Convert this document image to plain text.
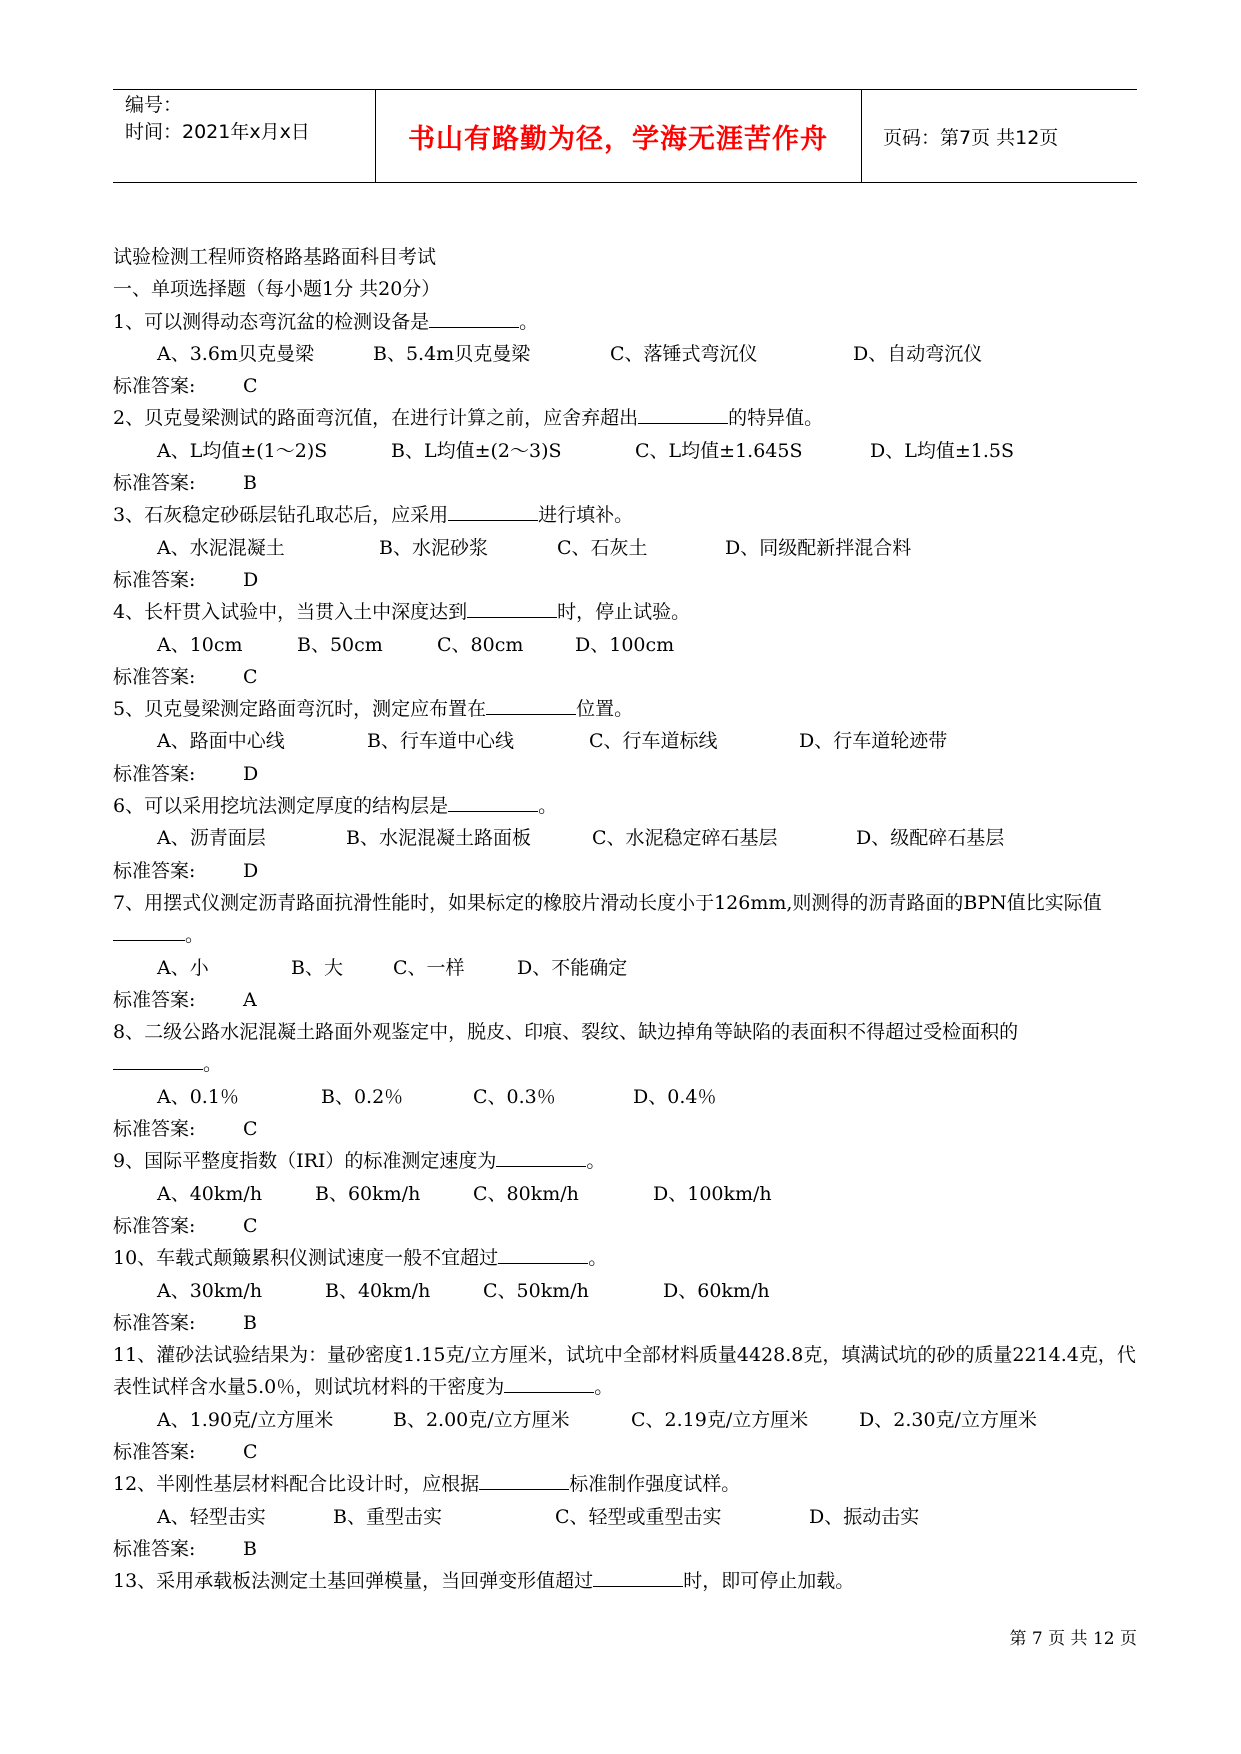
编号：
时间：2021年x月x日	书山有路勤为径，学海无涯苦作舟	页码：第7页 共12页
试验检测工程师资格路基路面科目考试
一、单项选择题（每小题1分 共20分）
1、可以测得动态弯沉盆的检测设备是	。
A、3.6m贝克曼梁	B、5.4m贝克曼梁	C、落锤式弯沉仪	D、自动弯沉仪
标准答案:	C
2、贝克曼梁测试的路面弯沉值，在进行计算之前，应舍弃超出	的特异值。
A、L均值±(1～2)S	B、L均值±(2～3)S	C、L均值±1.645S	D、L均值±1.5S
标准答案:	B
3、石灰稳定砂砾层钻孔取芯后，应采用	进行填补。
A、水泥混凝土	B、水泥砂浆	C、石灰土	D、同级配新拌混合料
标准答案:	D
4、长杆贯入试验中，当贯入土中深度达到	时，停止试验。
A、10cm	B、50cm	C、80cm	D、100cm
标准答案:	C
5、贝克曼梁测定路面弯沉时，测定应布置在	位置。
A、路面中心线	B、行车道中心线	C、行车道标线	D、行车道轮迹带
标准答案:	D
6、可以采用挖坑法测定厚度的结构层是	。
A、沥青面层	B、水泥混凝土路面板	C、水泥稳定碎石基层	D、级配碎石基层
标准答案:	D
7、用摆式仪测定沥青路面抗滑性能时，如果标定的橡胶片滑动长度小于126mm,则测得的沥青路面的BPN值比实际值。
A、小	B、大	C、一样	D、不能确定
标准答案:	A
8、二级公路水泥混凝土路面外观鉴定中，脱皮、印痕、裂纹、缺边掉角等缺陷的表面积不得超过受检面积的
。
A、0.1％	B、0.2％	C、0.3％	D、0.4％
标准答案:	C
9、国际平整度指数（IRI）的标准测定速度为	。
A、40km/h	B、60km/h	C、80km/h	D、100km/h
标准答案:	C
10、车载式颠簸累积仪测试速度一般不宜超过	。
A、30km/h	B、40km/h	C、50km/h	D、60km/h
标准答案:	B
11、灌砂法试验结果为：量砂密度1.15克/立方厘米，试坑中全部材料质量4428.8克，填满试坑的砂的质量2214.4克，代表性试样含水量5.0％，则试坑材料的干密度为	。
A、1.90克/立方厘米	B、2.00克/立方厘米	C、2.19克/立方厘米	D、2.30克/立方厘米
标准答案:	C
12、半刚性基层材料配合比设计时，应根据	标准制作强度试样。
A、轻型击实	B、重型击实	C、轻型或重型击实	D、振动击实
标准答案:	B
13、采用承载板法测定土基回弹模量，当回弹变形值超过	时，即可停止加载。
第 7 页 共 12 页
